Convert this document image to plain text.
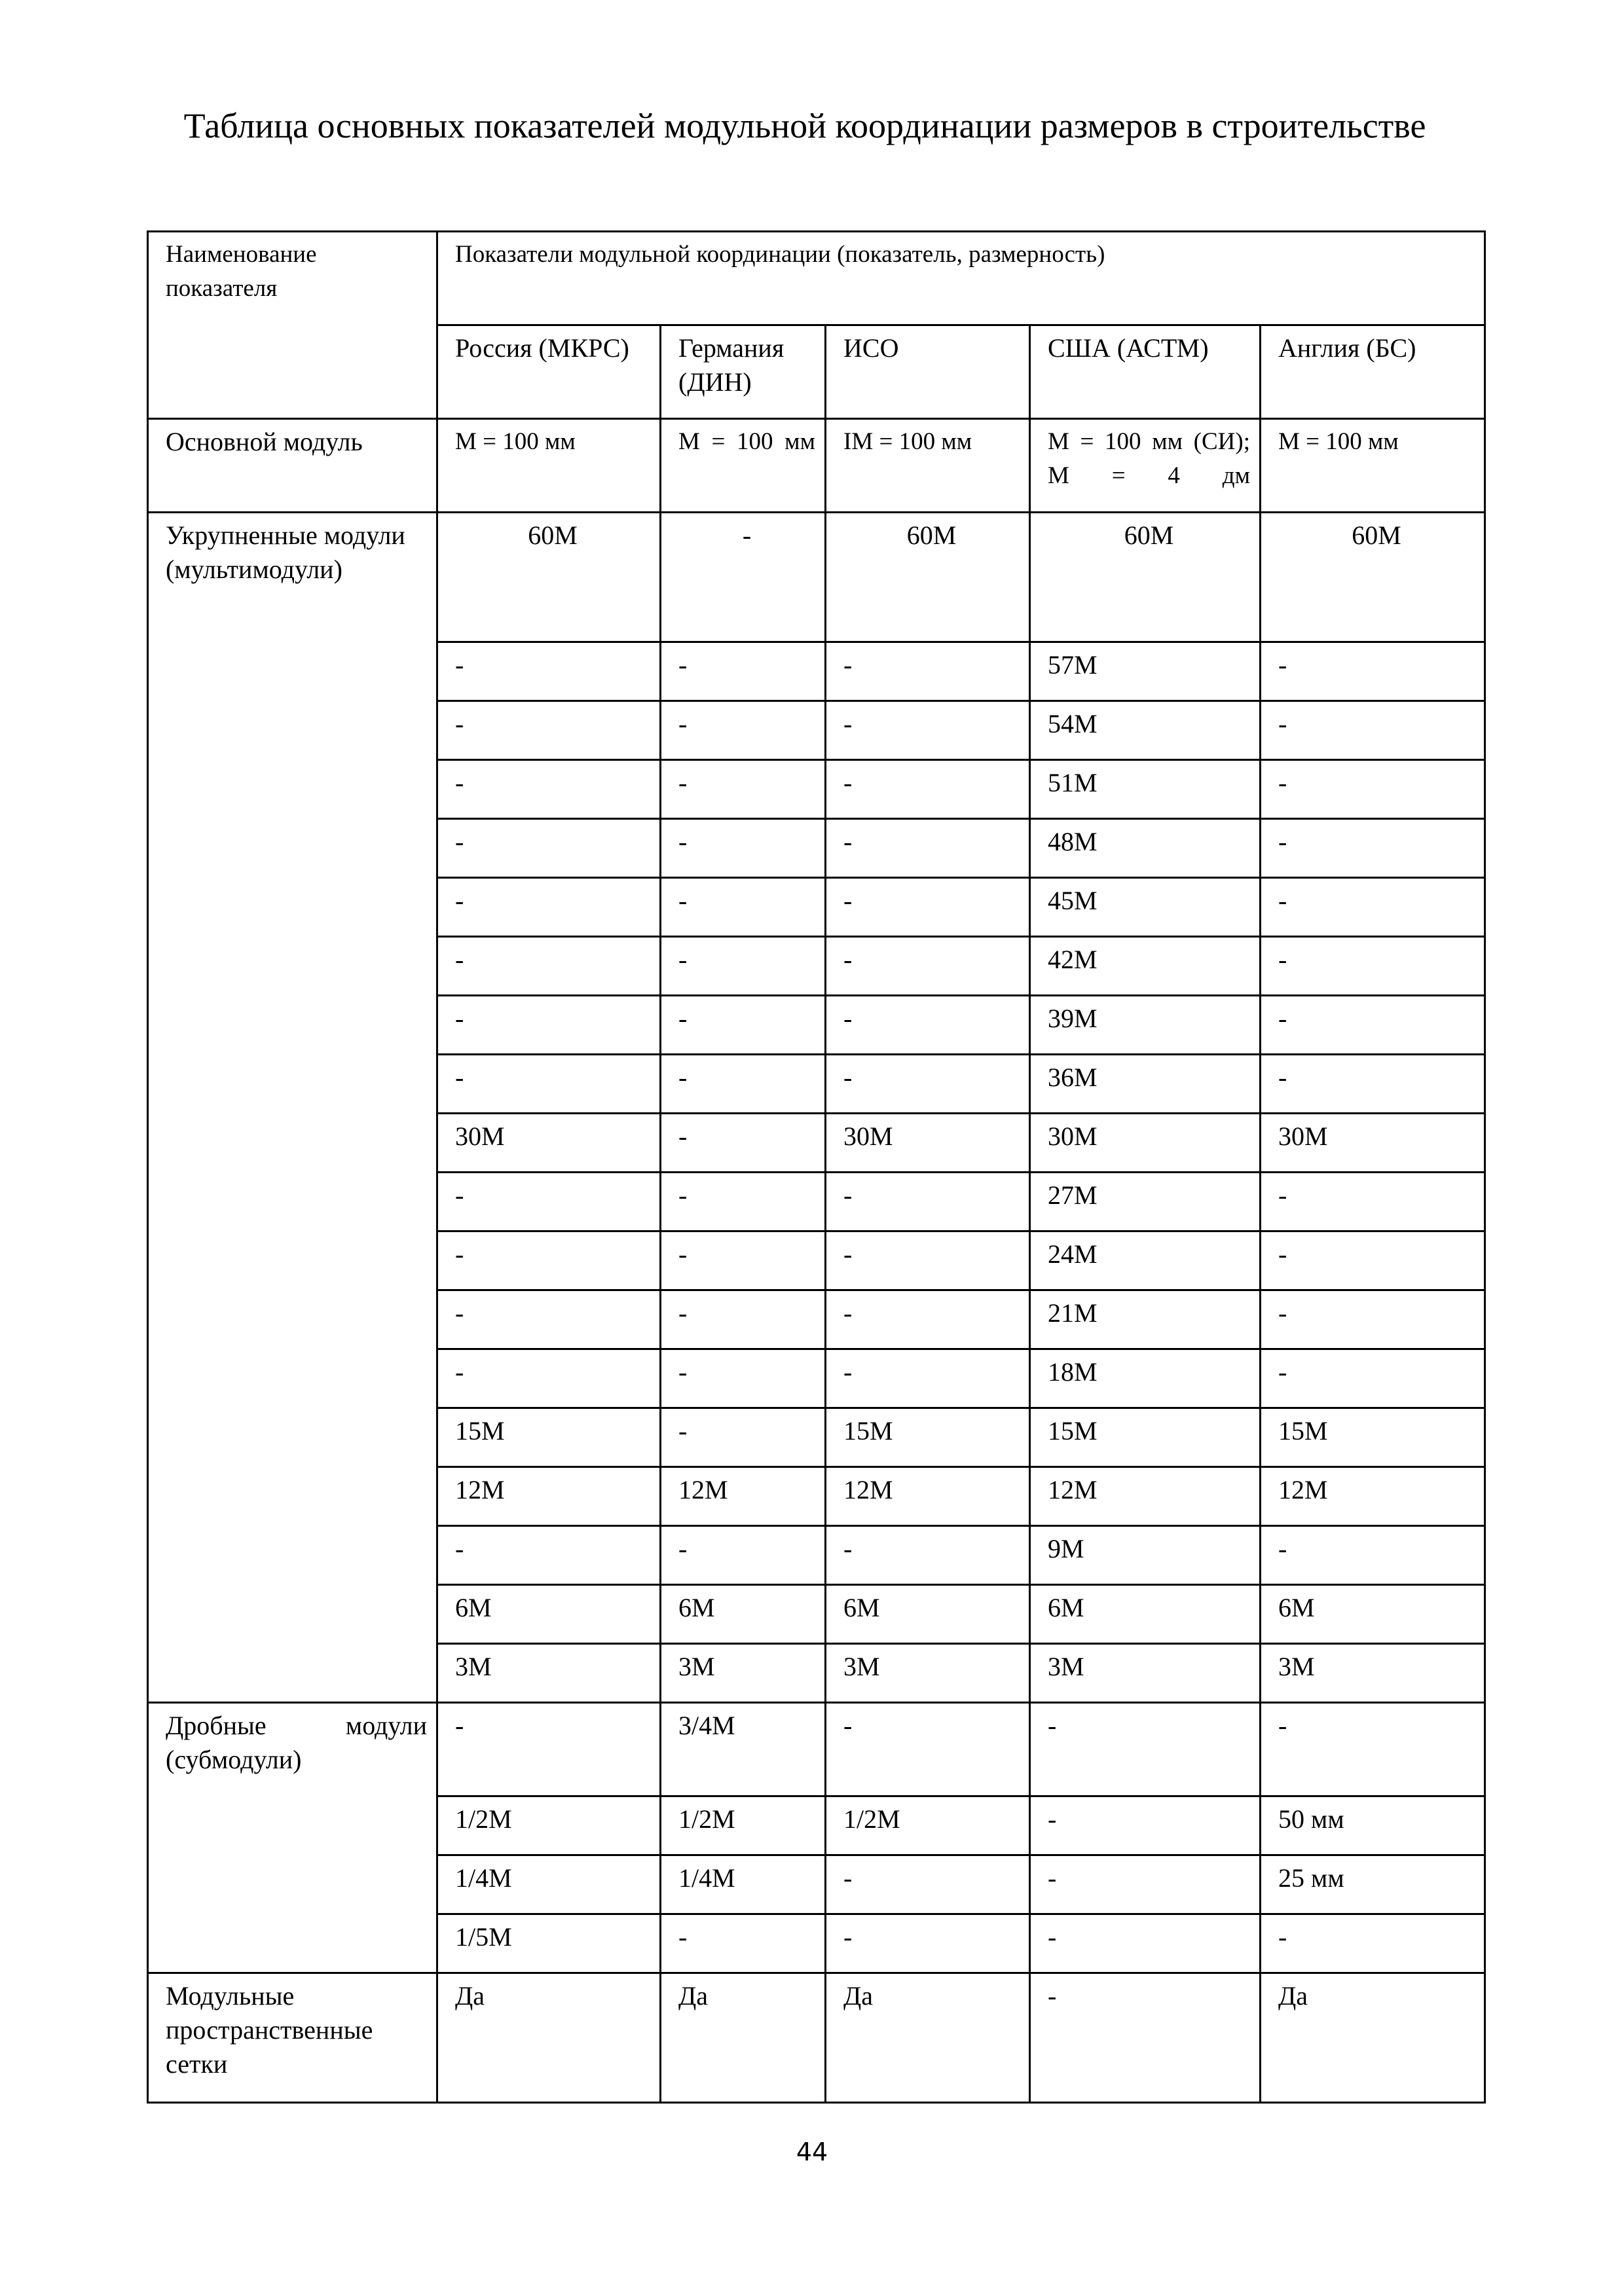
Таблица основных показателей модульной координации размеров в строительстве
Наименование показателя	Показатели модульной координации (показатель, размерность)				
	Россия (МКРС)	Германия (ДИН)	ИСО	США (АСТМ)	Англия (БС)
Основной модуль	М = 100 мм	М = 100 мм	IМ = 100 мм	М = 100 мм (СИ); М = 4 дм	М = 100 мм
Укрупненные модули (мультимодули)	60М	-	60М	60М	60М
	-	-	-	57М	-
	-	-	-	54М	-
	-	-	-	51М	-
	-	-	-	48М	-
	-	-	-	45М	-
	-	-	-	42М	-
	-	-	-	39М	-
	-	-	-	36М	-
	30М	-	30М	30М	30М
	-	-	-	27М	-
	-	-	-	24М	-
	-	-	-	21М	-
	-	-	-	18М	-
	15М	-	15М	15М	15М
	12М	12М	12М	12М	12М
	-	-	-	9М	-
	6М	6М	6М	6М	6М
	3М	3М	3М	3М	3М
Дробные модули (субмодули)	-	3/4М	-	-	-
	1/2М	1/2М	1/2М	-	50 мм
	1/4М	1/4М	-	-	25 мм
	1/5М	-	-	-	-
Модульные пространственные сетки	Да	Да	Да	-	Да
44
